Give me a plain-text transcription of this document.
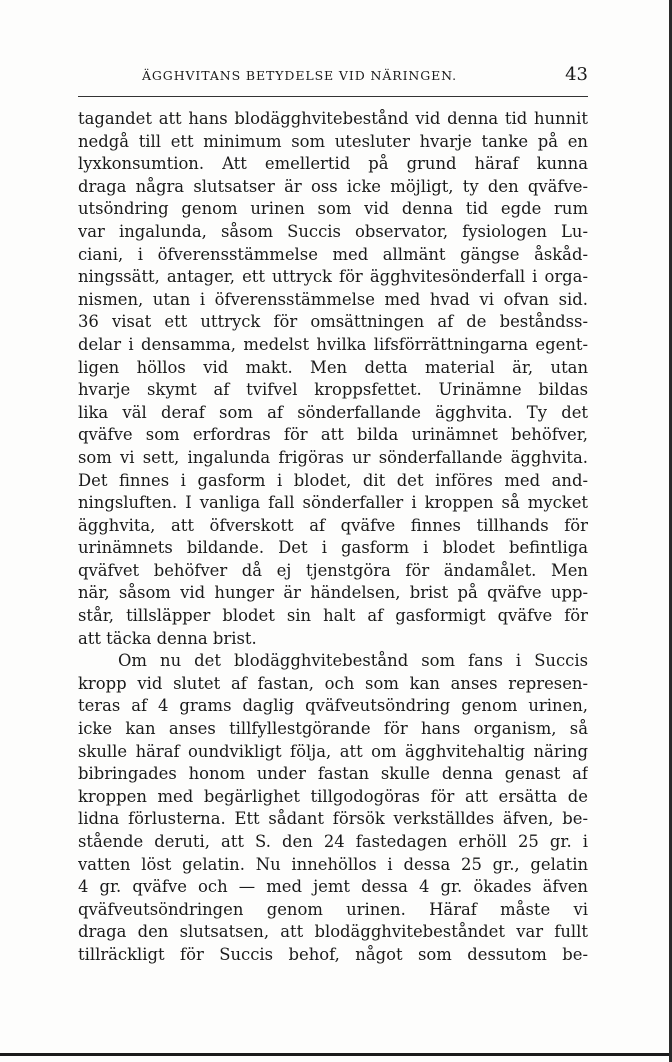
ÄGGHVITANS BETYDELSE VID NÄRINGEN.	43
tagandet att hans blodägghvitebestånd vid denna tid hunnit
nedgå till ett minimum som utesluter hvarje tanke på en
lyxkonsumtion. Att emellertid på grund häraf kunna
draga några slutsatser är oss icke möjligt, ty den qväfve-
utsöndring genom urinen som vid denna tid egde rum
var ingalunda, såsom Succis observator, fysiologen Lu-
ciani, i öfverensstämmelse med allmänt gängse åskåd-
ningssätt, antager, ett uttryck för ägghvitesönderfall i orga-
nismen, utan i öfverensstämmelse med hvad vi ofvan sid.
36 visat ett uttryck för omsättningen af de beståndss-
delar i densamma, medelst hvilka lifsförrättningarna egent-
ligen höllos vid makt. Men detta material är, utan
hvarje skymt af tvifvel kroppsfettet. Urinämne bildas
lika väl deraf som af sönderfallande ägghvita. Ty det
qväfve som erfordras för att bilda urinämnet behöfver,
som vi sett, ingalunda frigöras ur sönderfallande ägghvita.
Det finnes i gasform i blodet, dit det införes med and-
ningsluften. I vanliga fall sönderfaller i kroppen så mycket
ägghvita, att öfverskott af qväfve finnes tillhands för
urinämnets bildande. Det i gasform i blodet befintliga
qväfvet behöfver då ej tjenstgöra för ändamålet. Men
när, såsom vid hunger är händelsen, brist på qväfve upp-
står, tillsläpper blodet sin halt af gasformigt qväfve för
att täcka denna brist.
Om nu det blodägghvitebestånd som fans i Succis
kropp vid slutet af fastan, och som kan anses represen-
teras af 4 grams daglig qväfveutsöndring genom urinen,
icke kan anses tillfyllestgörande för hans organism, så
skulle häraf oundvikligt följa, att om ägghvitehaltig näring
bibringades honom under fastan skulle denna genast af
kroppen med begärlighet tillgodogöras för att ersätta de
lidna förlusterna. Ett sådant försök verkställdes äfven, be-
stående deruti, att S. den 24 fastedagen erhöll 25 gr. i
vatten löst gelatin. Nu innehöllos i dessa 25 gr., gelatin
4 gr. qväfve och — med jemt dessa 4 gr. ökades äfven
qväfveutsöndringen genom urinen. Häraf måste vi
draga den slutsatsen, att blodägghvitebeståndet var fullt
tillräckligt för Succis behof, något som dessutom be-
